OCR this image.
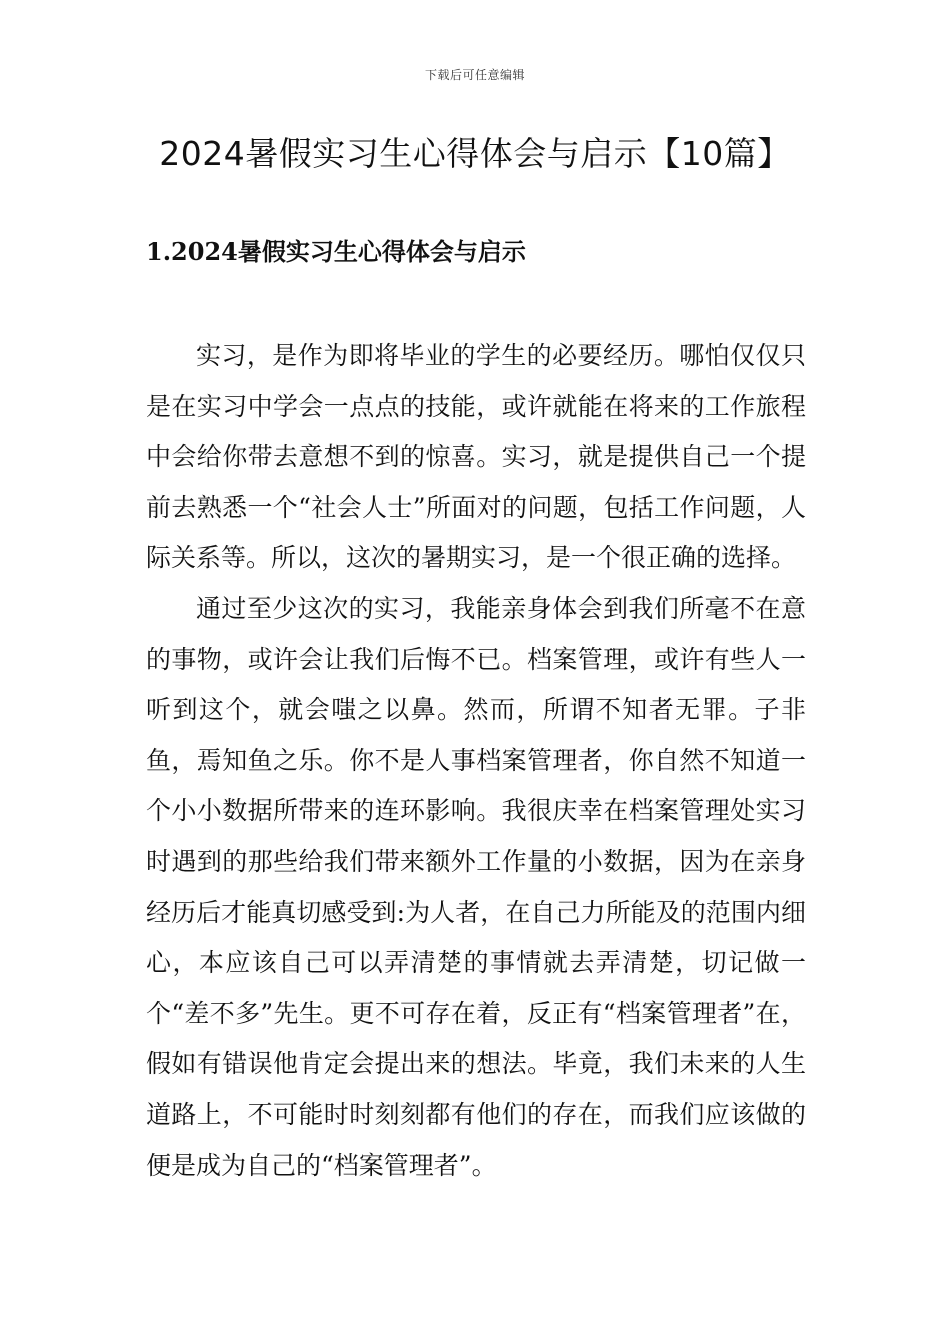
下载后可任意编辑
2024暑假实习生心得体会与启示【10篇】
1.2024暑假实习生心得体会与启示

实习，是作为即将毕业的学生的必要经历。哪怕仅仅只是在实习中学会一点点的技能，或许就能在将来的工作旅程中会给你带去意想不到的惊喜。实习，就是提供自己一个提前去熟悉一个“社会人士”所面对的问题，包括工作问题，人际关系等。所以，这次的暑期实习，是一个很正确的选择。

通过至少这次的实习，我能亲身体会到我们所毫不在意的事物，或许会让我们后悔不已。档案管理，或许有些人一听到这个，就会嗤之以鼻。然而，所谓不知者无罪。子非鱼，焉知鱼之乐。你不是人事档案管理者，你自然不知道一个小小数据所带来的连环影响。我很庆幸在档案管理处实习时遇到的那些给我们带来额外工作量的小数据，因为在亲身经历后才能真切感受到:为人者，在自己力所能及的范围内细心，本应该自己可以弄清楚的事情就去弄清楚，切记做一个“差不多”先生。更不可存在着，反正有“档案管理者”在，假如有错误他肯定会提出来的想法。毕竟，我们未来的人生道路上，不可能时时刻刻都有他们的存在，而我们应该做的便是成为自己的“档案管理者”。
